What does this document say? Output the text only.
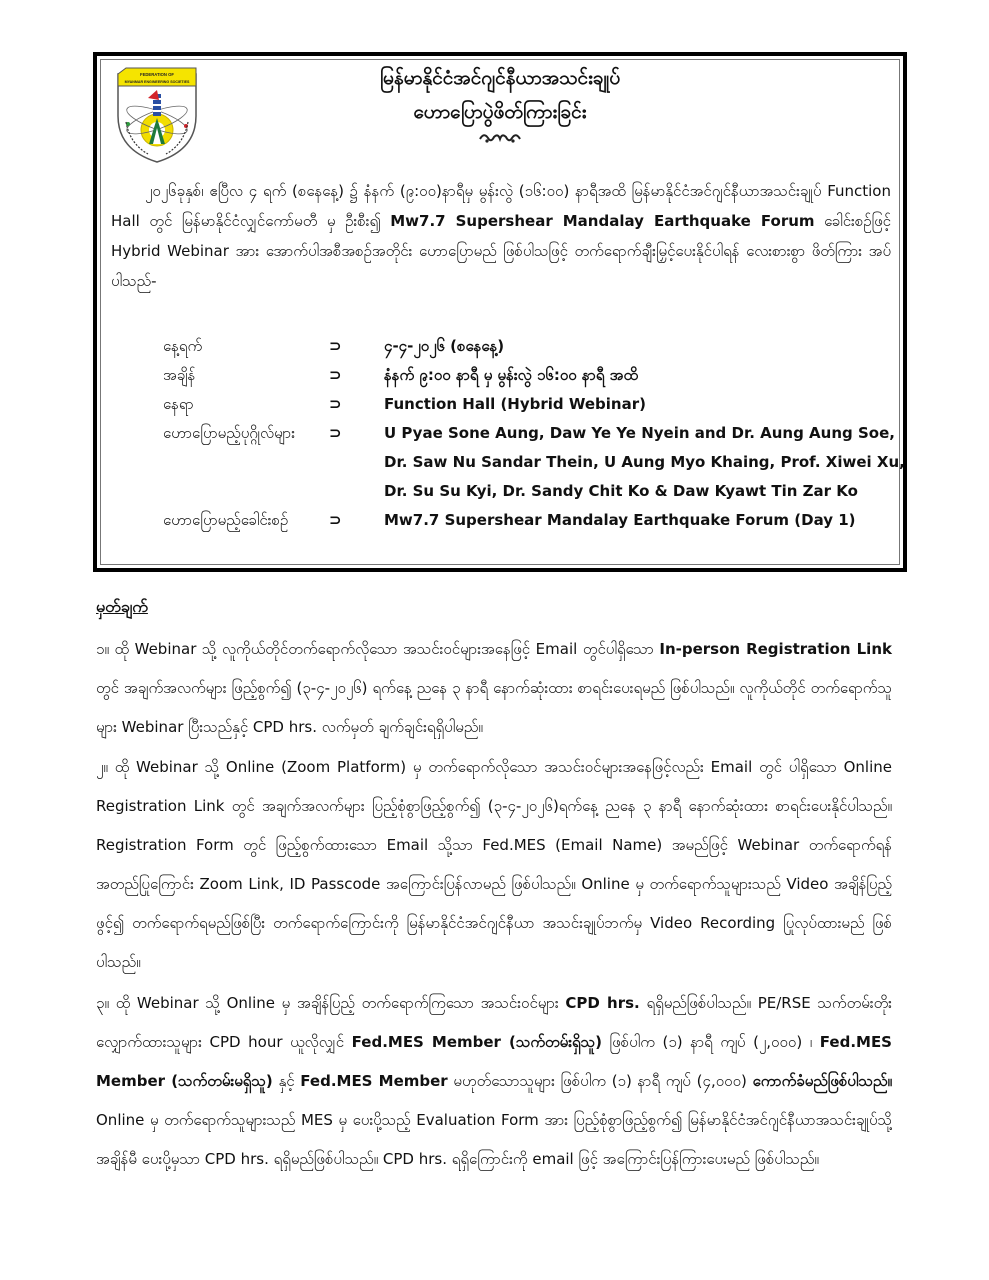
FEDERATION OF
MYANMAR ENGINEERING SOCIETIES	မြန်မာနိုင်ငံအင်ဂျင်နီယာအသင်းချုပ်
ဟောပြောပွဲဖိတ်ကြားခြင်း

၂၀၂၆ခုနှစ်၊ ဧပြီလ ၄ ရက် (စနေနေ့) ၌ နံနက် (၉:၀၀)နာရီမှ မွန်းလွဲ (၁၆:၀၀) နာရီအထိ မြန်မာနိုင်ငံအင်ဂျင်နီယာအသင်းချုပ် Function Hall တွင် မြန်မာနိုင်ငံလျှင်ကော်မတီ မှ ဦးစီး၍ Mw7.7 Supershear Mandalay Earthquake Forum ခေါင်းစဉ်ဖြင့် Hybrid Webinar အား အောက်ပါအစီအစဉ်အတိုင်း ဟောပြောမည် ဖြစ်ပါသဖြင့် တက်ရောက်ချီးမြှင့်ပေးနိုင်ပါရန် လေးစားစွာ ဖိတ်ကြား အပ်ပါသည်-

နေ့ရက်	⊃	၄-၄-၂၀၂၆ (စနေနေ့)
အချိန်	⊃	နံနက် ၉:၀၀ နာရီ မှ မွန်းလွဲ ၁၆:၀၀ နာရီ အထိ
နေရာ	⊃	Function Hall (Hybrid Webinar)
ဟောပြောမည့်ပုဂ္ဂိုလ်များ	⊃	U Pyae Sone Aung, Daw Ye Ye Nyein and Dr. Aung Aung Soe,
Dr. Saw Nu Sandar Thein, U Aung Myo Khaing, Prof. Xiwei Xu,
Dr. Su Su Kyi, Dr. Sandy Chit Ko & Daw Kyawt Tin Zar Ko
ဟောပြောမည့်ခေါင်းစဉ်	⊃	Mw7.7 Supershear Mandalay Earthquake Forum (Day 1)
မှတ်ချက်

၁။ ထို Webinar သို့ လူကိုယ်တိုင်တက်ရောက်လိုသော အသင်းဝင်များအနေဖြင့် Email တွင်ပါရှိသော In-person Registration Link တွင် အချက်အလက်များ ဖြည့်စွက်၍ (၃-၄-၂၀၂၆) ရက်နေ့ ညနေ ၃ နာရီ နောက်ဆုံးထား စာရင်းပေးရမည် ဖြစ်ပါသည်။ လူကိုယ်တိုင် တက်ရောက်သူများ Webinar ပြီးသည်နှင့် CPD hrs. လက်မှတ် ချက်ချင်းရရှိပါမည်။

၂။ ထို Webinar သို့ Online (Zoom Platform) မှ တက်ရောက်လိုသော အသင်းဝင်များအနေဖြင့်လည်း Email တွင် ပါရှိသော Online Registration Link တွင် အချက်အလက်များ ပြည့်စုံစွာဖြည့်စွက်၍ (၃-၄-၂၀၂၆)ရက်နေ့ ညနေ ၃ နာရီ နောက်ဆုံးထား စာရင်းပေးနိုင်ပါသည်။ Registration Form တွင် ဖြည့်စွက်ထားသော Email သို့သာ Fed.MES (Email Name) အမည်ဖြင့် Webinar တက်ရောက်ရန် အတည်ပြုကြောင်း Zoom Link, ID Passcode အကြောင်းပြန်လာမည် ဖြစ်ပါသည်။ Online မှ တက်ရောက်သူများသည် Video အချိန်ပြည့်ဖွင့်၍ တက်ရောက်ရမည်ဖြစ်ပြီး တက်ရောက်ကြောင်းကို မြန်မာနိုင်ငံအင်ဂျင်နီယာ အသင်းချုပ်ဘက်မှ Video Recording ပြုလုပ်ထားမည် ဖြစ်ပါသည်။

၃။ ထို Webinar သို့ Online မှ အချိန်ပြည့် တက်ရောက်ကြသော အသင်းဝင်များ CPD hrs. ရရှိမည်ဖြစ်ပါသည်။ PE/RSE သက်တမ်းတိုး လျှောက်ထားသူများ CPD hour ယူလိုလျှင် Fed.MES Member (သက်တမ်းရှိသူ) ဖြစ်ပါက (၁) နာရီ ကျပ် (၂,၀၀၀) ၊ Fed.MES Member (သက်တမ်းမရှိသူ) နှင့် Fed.MES Member မဟုတ်သောသူများ ဖြစ်ပါက (၁) နာရီ ကျပ် (၄,၀၀၀) ကောက်ခံမည်ဖြစ်ပါသည်။ Online မှ တက်ရောက်သူများသည် MES မှ ပေးပို့သည့် Evaluation Form အား ပြည့်စုံစွာဖြည့်စွက်၍ မြန်မာနိုင်ငံအင်ဂျင်နီယာအသင်းချုပ်သို့ အချိန်မီ ပေးပို့မှသာ CPD hrs. ရရှိမည်ဖြစ်ပါသည်။ CPD hrs. ရရှိကြောင်းကို email ဖြင့် အကြောင်းပြန်ကြားပေးမည် ဖြစ်ပါသည်။
